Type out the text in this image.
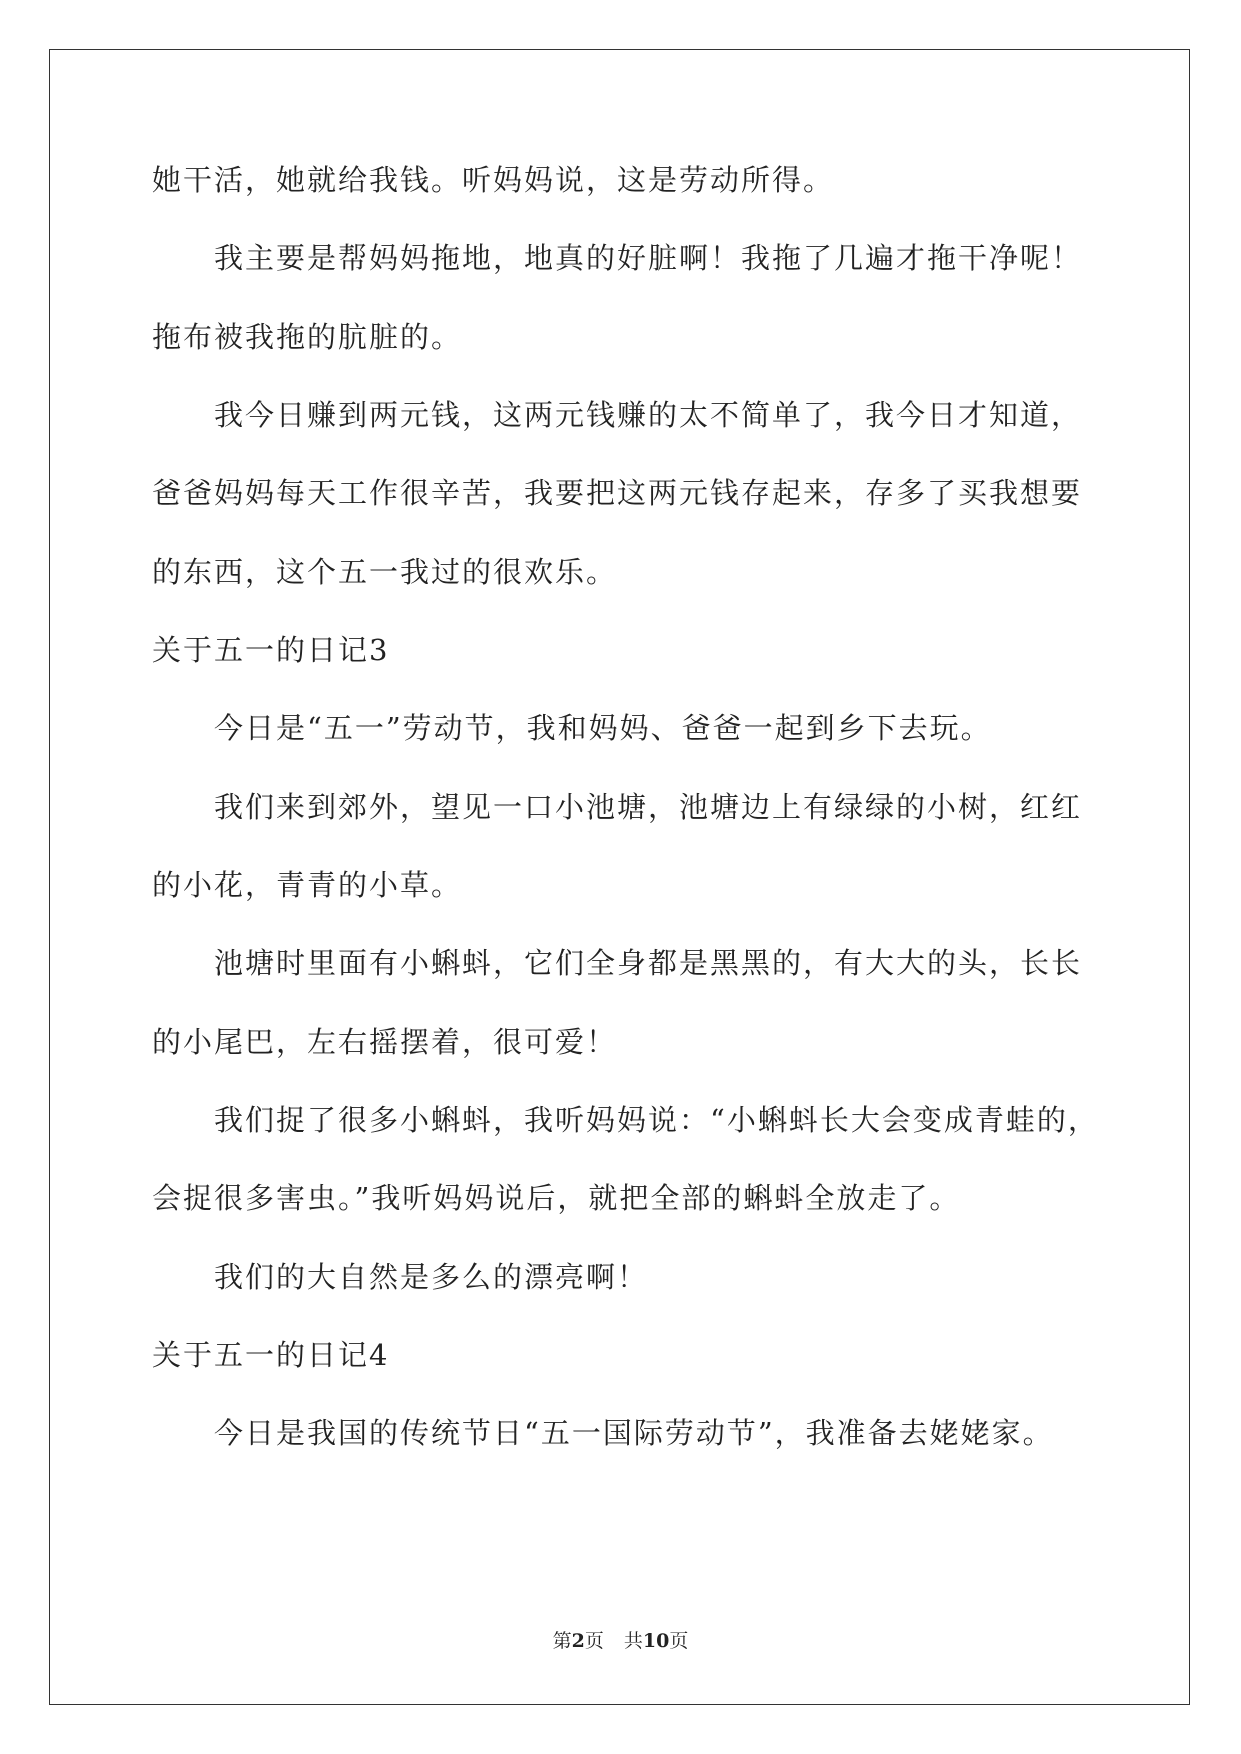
她干活，她就给我钱。听妈妈说，这是劳动所得。
我主要是帮妈妈拖地，地真的好脏啊！我拖了几遍才拖干净呢！
拖布被我拖的肮脏的。
我今日赚到两元钱，这两元钱赚的太不简单了，我今日才知道，
爸爸妈妈每天工作很辛苦，我要把这两元钱存起来，存多了买我想要
的东西，这个五一我过的很欢乐。
关于五一的日记3
今日是“五一”劳动节，我和妈妈、爸爸一起到乡下去玩。
我们来到郊外，望见一口小池塘，池塘边上有绿绿的小树，红红
的小花，青青的小草。
池塘时里面有小蝌蚪，它们全身都是黑黑的，有大大的头，长长
的小尾巴，左右摇摆着，很可爱！
我们捉了很多小蝌蚪，我听妈妈说：“小蝌蚪长大会变成青蛙的，
会捉很多害虫。”我听妈妈说后，就把全部的蝌蚪全放走了。
我们的大自然是多么的漂亮啊！
关于五一的日记4
今日是我国的传统节日“五一国际劳动节”，我准备去姥姥家。
第2页 共10页
